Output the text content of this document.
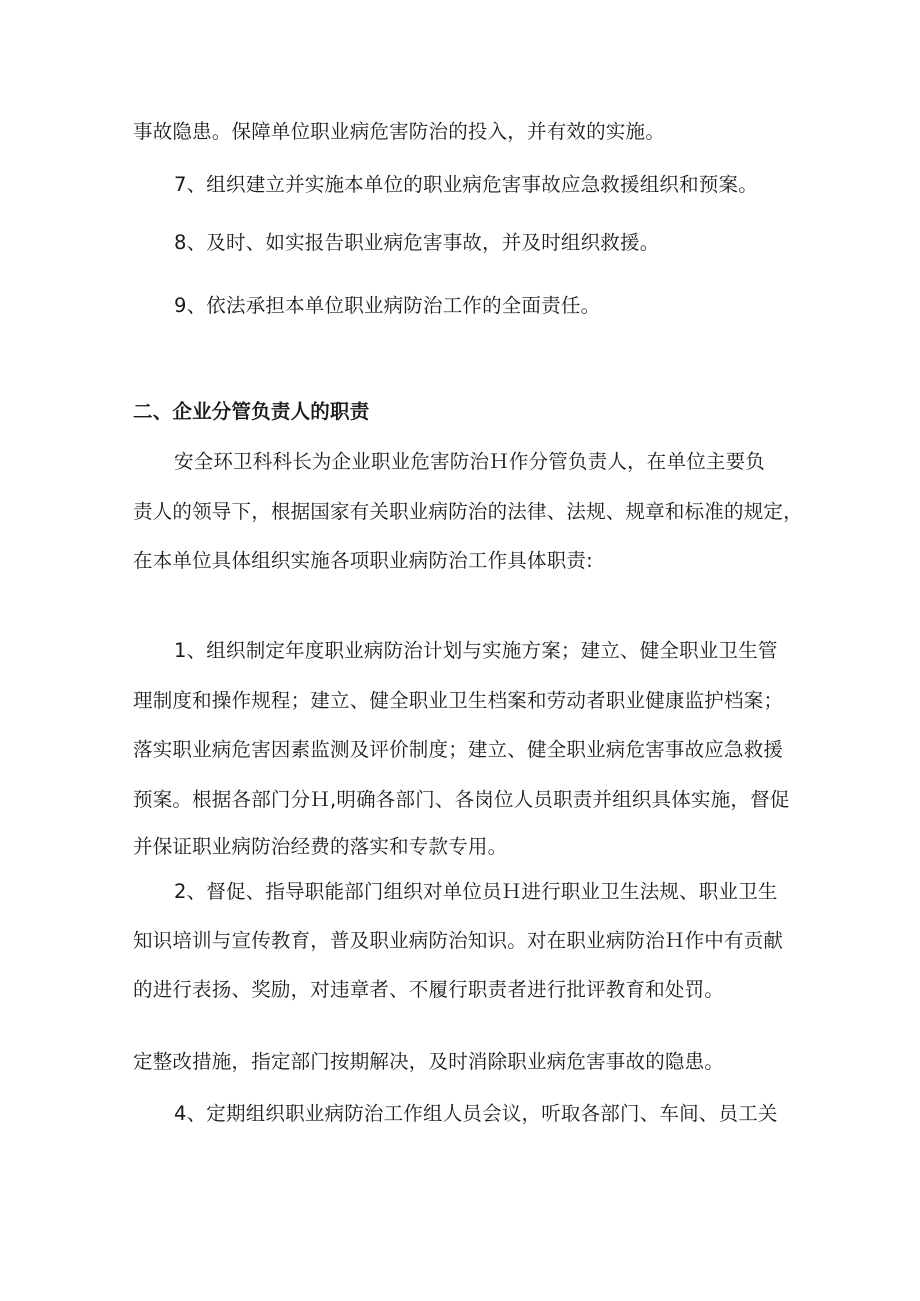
事故隐患。保障单位职业病危害防治的投入，并有效的实施。
7、组织建立并实施本单位的职业病危害事故应急救援组织和预案。
8、及时、如实报告职业病危害事故，并及时组织救援。
9、依法承担本单位职业病防治工作的全面责任。
二、企业分管负责人的职责
安全环卫科科长为企业职业危害防治Ｈ作分管负责人，在单位主要负
责人的领导下，根据国家有关职业病防治的法律、法规、规章和标准的规定，
在本单位具体组织实施各项职业病防治工作具体职责:
1、组织制定年度职业病防治计划与实施方案；建立、健全职业卫生管
理制度和操作规程；建立、健全职业卫生档案和劳动者职业健康监护档案；
落实职业病危害因素监测及评价制度；建立、健全职业病危害事故应急救援
预案。根据各部门分Ｈ,明确各部门、各岗位人员职责并组织具体实施，督促
并保证职业病防治经费的落实和专款专用。
2、督促、指导职能部门组织对单位员Ｈ进行职业卫生法规、职业卫生
知识培训与宣传教育，普及职业病防治知识。对在职业病防治Ｈ作中有贡献
的进行表扬、奖励，对违章者、不履行职责者进行批评教育和处罚。
定整改措施，指定部门按期解决，及时消除职业病危害事故的隐患。
4、定期组织职业病防治工作组人员会议，听取各部门、车间、员工关
